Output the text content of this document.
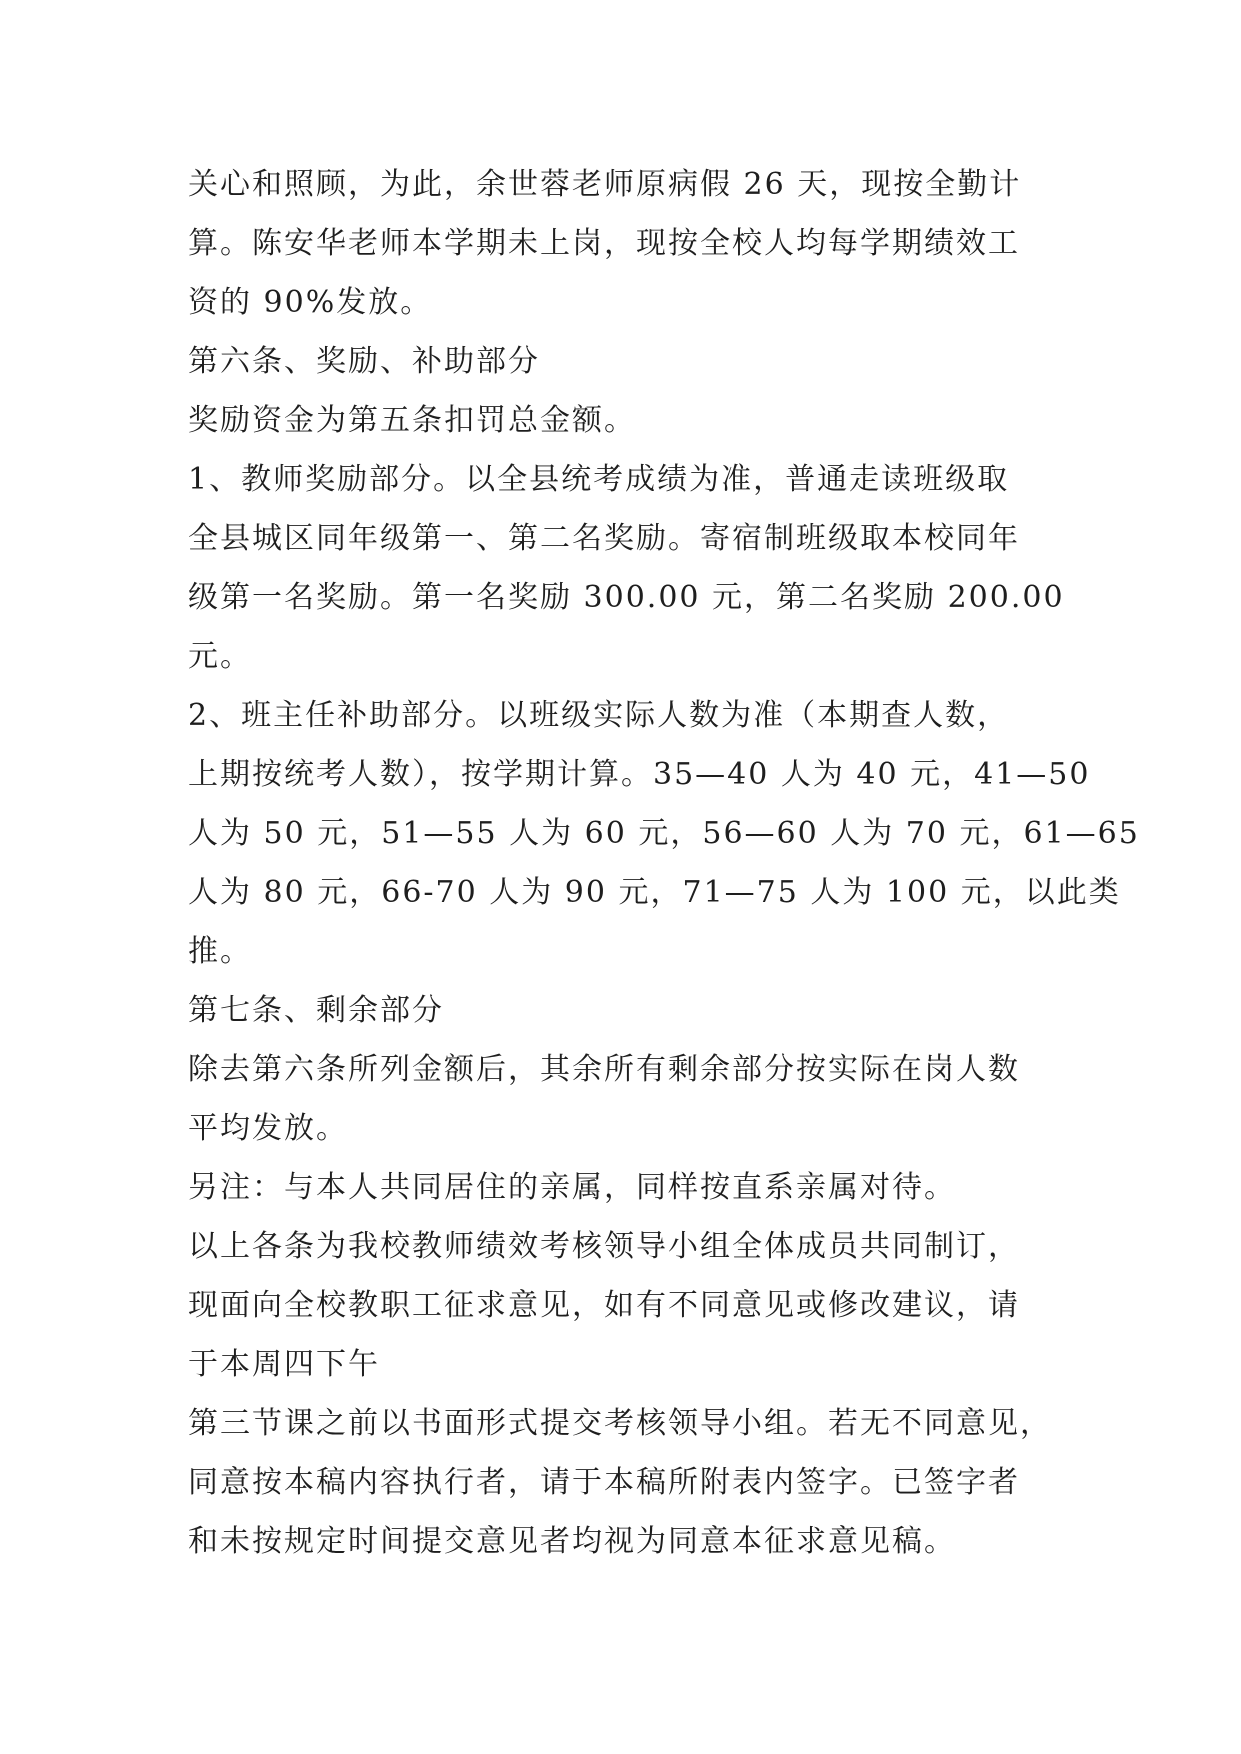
关心和照顾，为此，余世蓉老师原病假 26 天，现按全勤计
算。陈安华老师本学期未上岗，现按全校人均每学期绩效工
资的 90%发放。
第六条、奖励、补助部分
奖励资金为第五条扣罚总金额。
1、教师奖励部分。以全县统考成绩为准，普通走读班级取
全县城区同年级第一、第二名奖励。寄宿制班级取本校同年
级第一名奖励。第一名奖励 300.00 元，第二名奖励 200.00
元。
2、班主任补助部分。以班级实际人数为准（本期查人数，
上期按统考人数），按学期计算。35—40 人为 40 元，41—50
人为 50 元，51—55 人为 60 元，56—60 人为 70 元，61—65
人为 80 元，66-70 人为 90 元，71—75 人为 100 元，以此类
推。
第七条、剩余部分
除去第六条所列金额后，其余所有剩余部分按实际在岗人数
平均发放。
另注：与本人共同居住的亲属，同样按直系亲属对待。
以上各条为我校教师绩效考核领导小组全体成员共同制订，
现面向全校教职工征求意见，如有不同意见或修改建议，请
于本周四下午
第三节课之前以书面形式提交考核领导小组。若无不同意见，
同意按本稿内容执行者，请于本稿所附表内签字。已签字者
和未按规定时间提交意见者均视为同意本征求意见稿。
